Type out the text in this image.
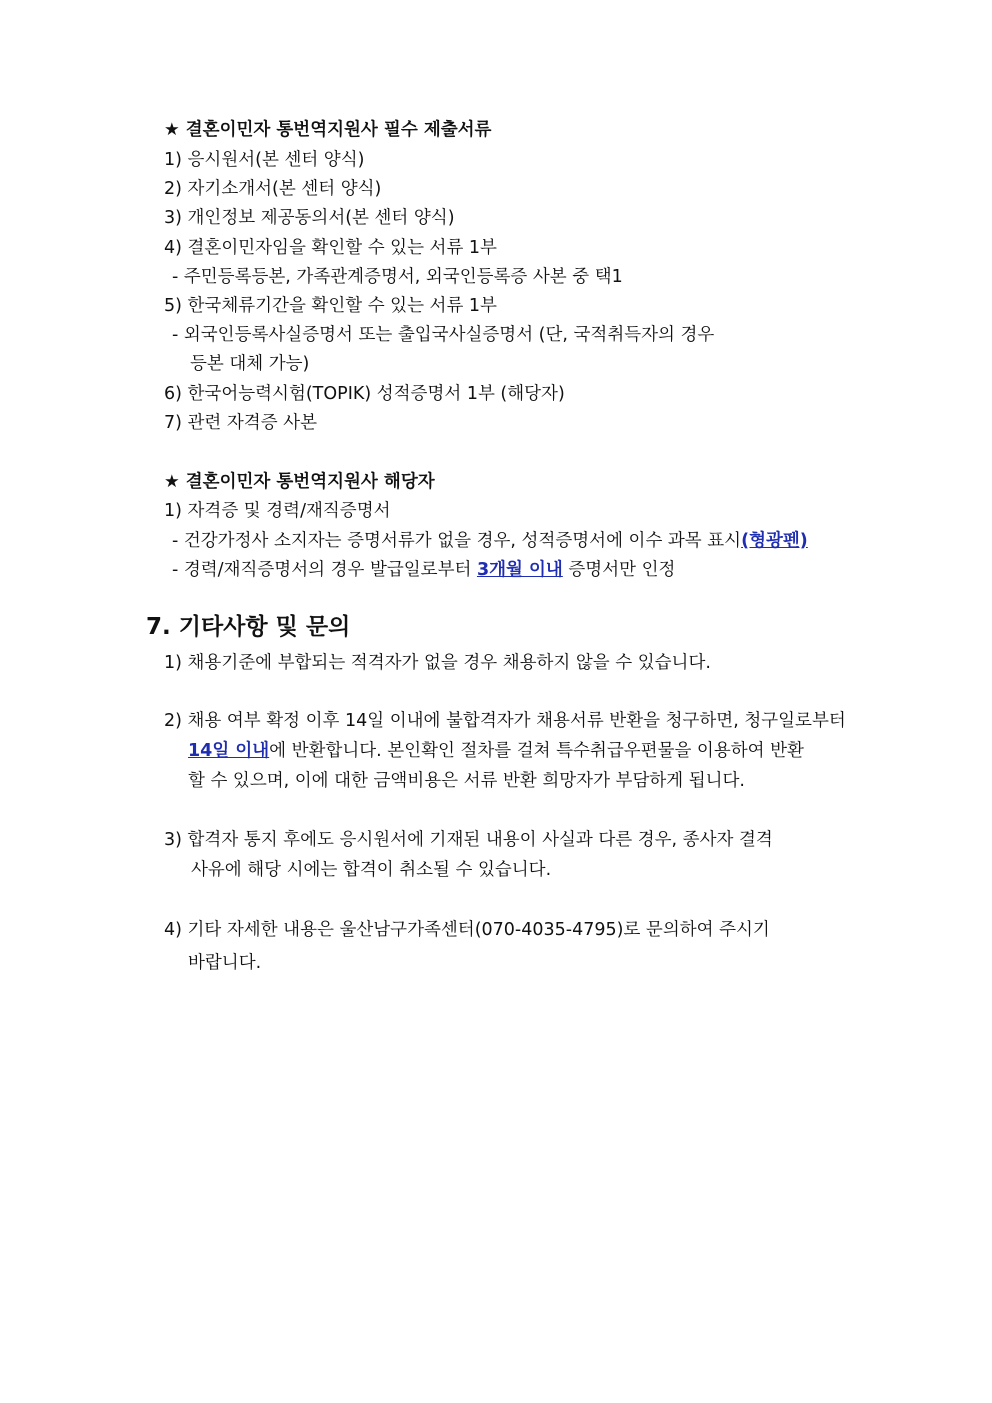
★ 결혼이민자 통번역지원사 필수 제출서류
1) 응시원서(본 센터 양식)
2) 자기소개서(본 센터 양식)
3) 개인정보 제공동의서(본 센터 양식)
4) 결혼이민자임을 확인할 수 있는 서류 1부
- 주민등록등본, 가족관계증명서, 외국인등록증 사본 중 택1
5) 한국체류기간을 확인할 수 있는 서류 1부
- 외국인등록사실증명서 또는 출입국사실증명서 (단, 국적취득자의 경우
등본 대체 가능)
6) 한국어능력시험(TOPIK) 성적증명서 1부 (해당자)
7) 관련 자격증 사본
★ 결혼이민자 통번역지원사 해당자
1) 자격증 및 경력/재직증명서
- 건강가정사 소지자는 증명서류가 없을 경우, 성적증명서에 이수 과목 표시(형광펜)
- 경력/재직증명서의 경우 발급일로부터 3개월 이내 증명서만 인정
7. 기타사항 및 문의
1) 채용기준에 부합되는 적격자가 없을 경우 채용하지 않을 수 있습니다.
2) 채용 여부 확정 이후 14일 이내에 불합격자가 채용서류 반환을 청구하면, 청구일로부터
14일 이내에 반환합니다. 본인확인 절차를 걸쳐 특수취급우편물을 이용하여 반환
할 수 있으며, 이에 대한 금액비용은 서류 반환 희망자가 부담하게 됩니다.
3) 합격자 통지 후에도 응시원서에 기재된 내용이 사실과 다른 경우, 종사자 결격
사유에 해당 시에는 합격이 취소될 수 있습니다.
4) 기타 자세한 내용은 울산남구가족센터(070-4035-4795)로 문의하여 주시기
바랍니다.
